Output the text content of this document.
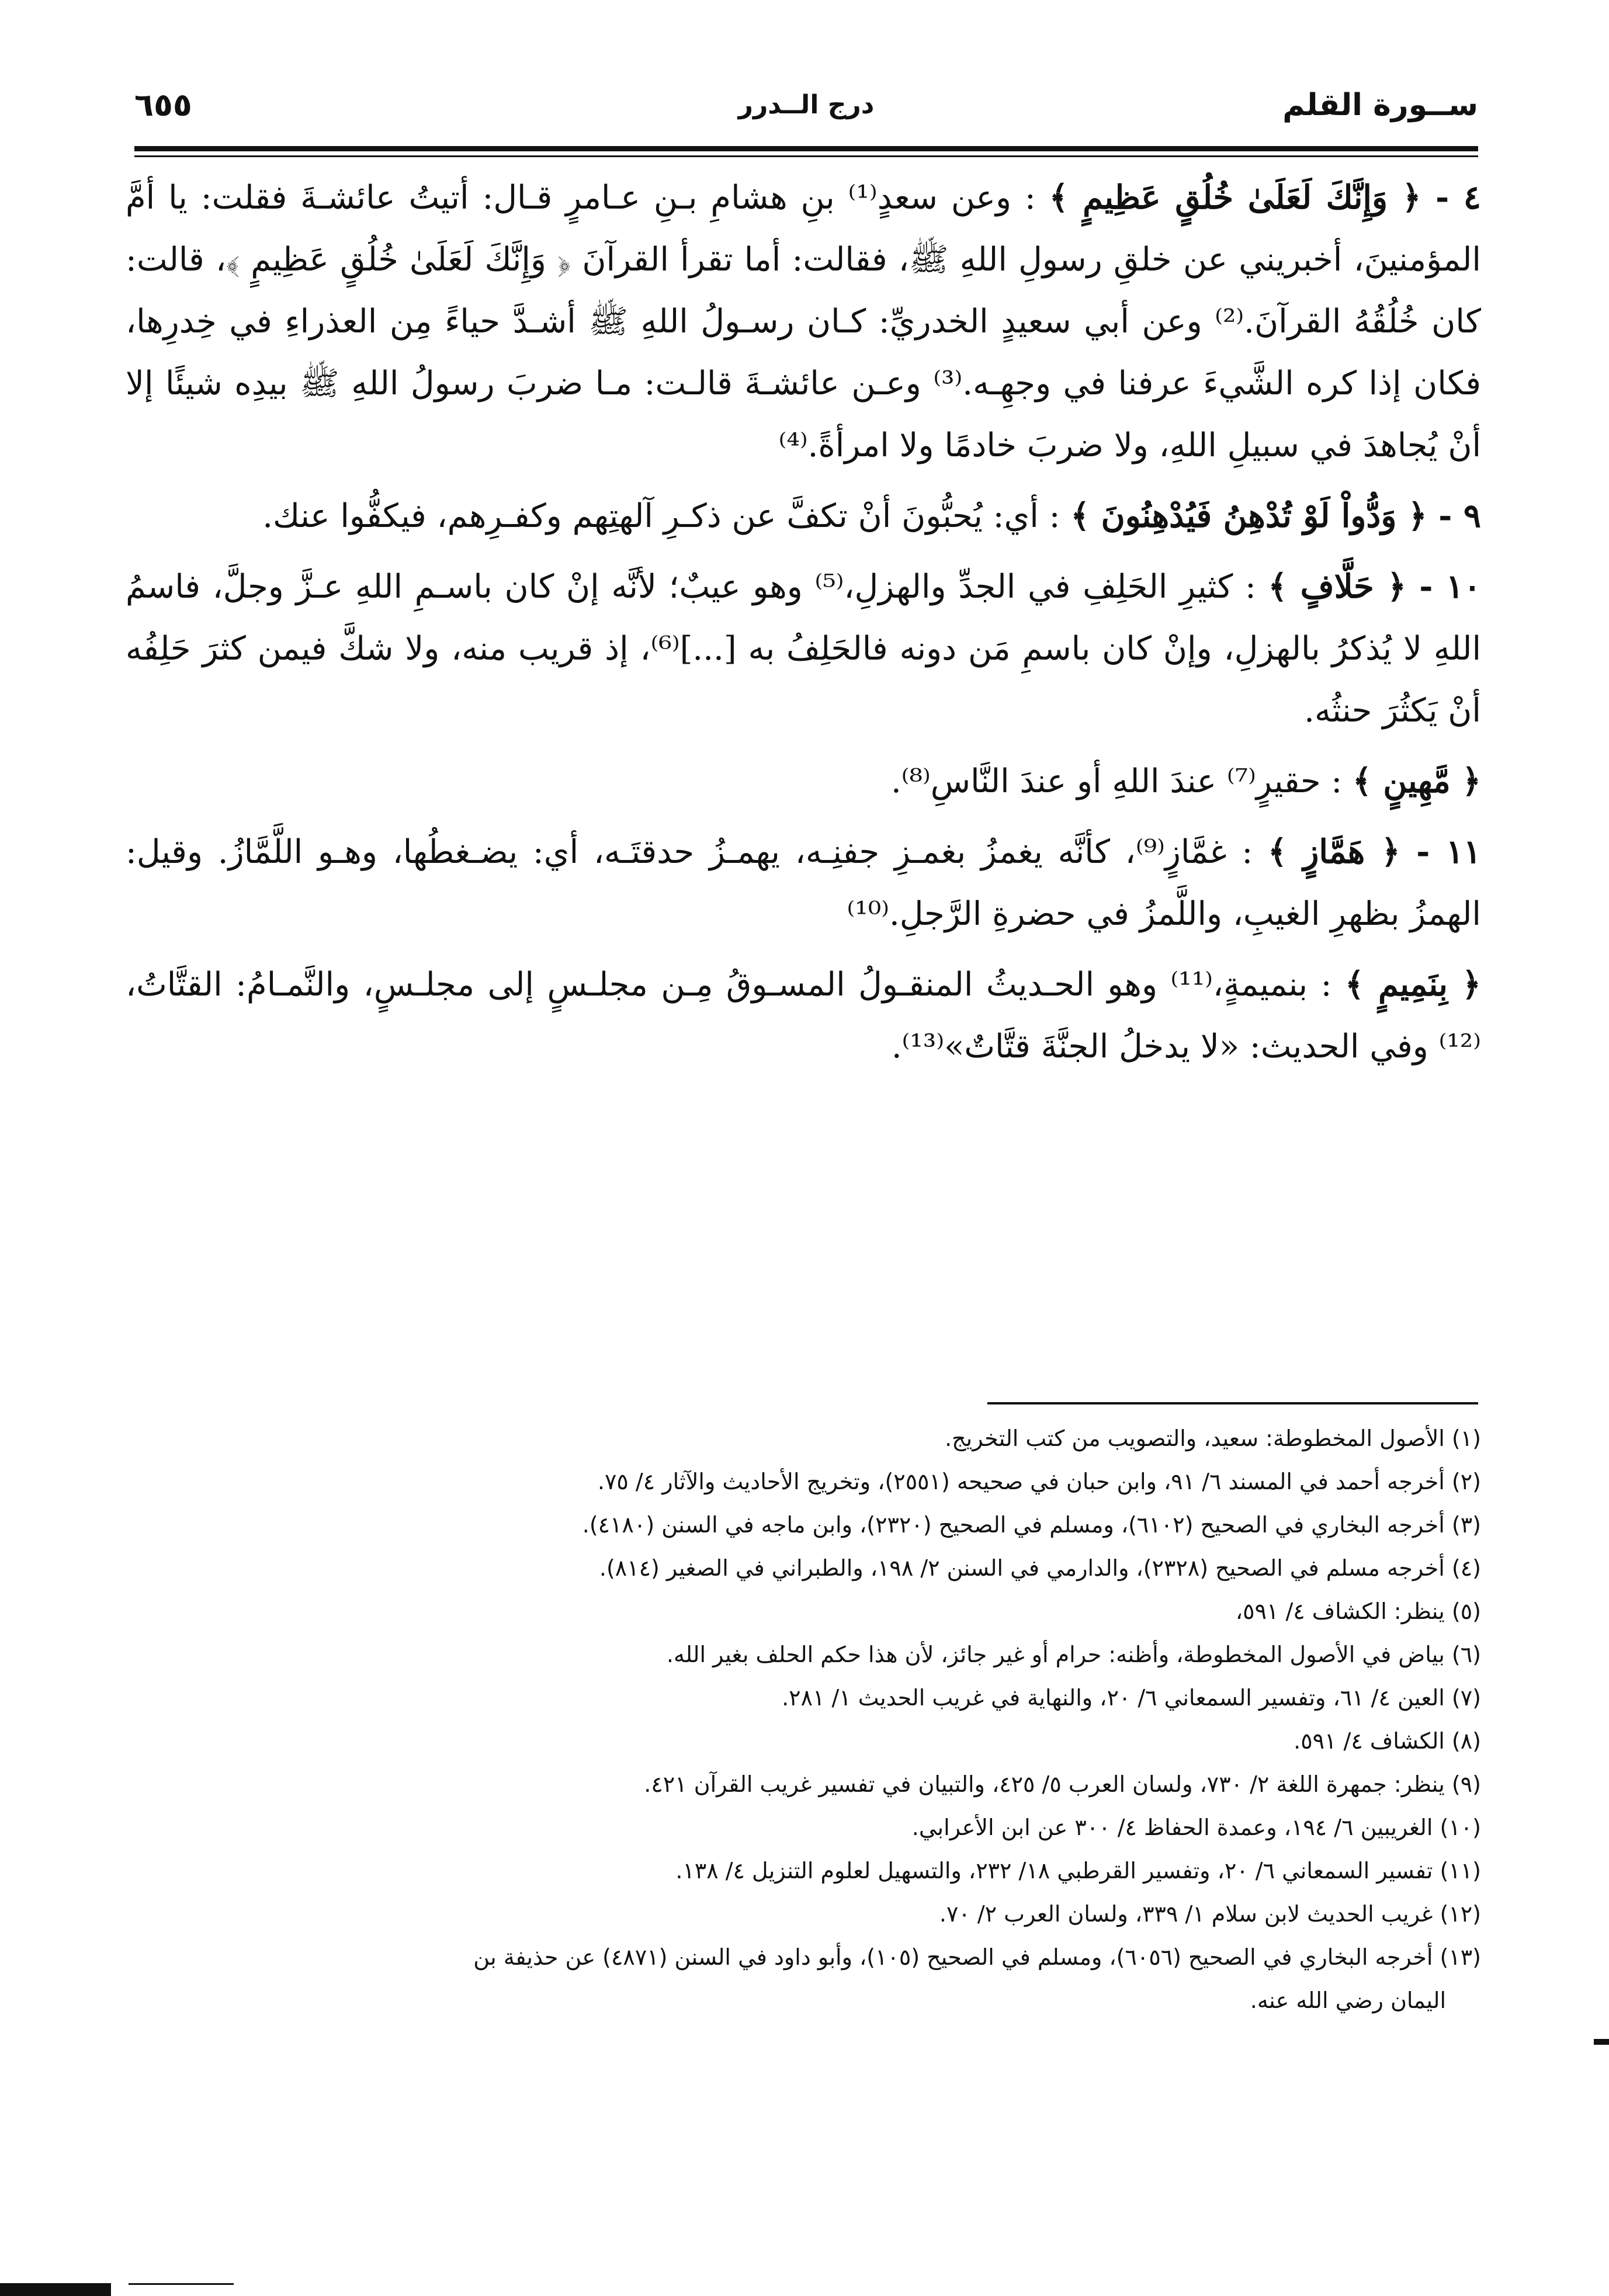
ســورة القلم
درج الــدرر
٦٥٥

٤ - ﴿ وَإِنَّكَ لَعَلَىٰ خُلُقٍ عَظِيمٍ ﴾ : وعن سعدٍ⁽¹⁾ بنِ هشامِ بـنِ عـامرٍ قـال: أتيتُ عائشـةَ فقلت: يا أمَّ المؤمنينَ، أخبريني عن خلقِ رسولِ اللهِ ﷺ، فقالت: أما تقرأ القرآنَ ﴿ وَإِنَّكَ لَعَلَىٰ خُلُقٍ عَظِيمٍ ﴾، قالت: كان خُلُقُهُ القرآنَ.⁽²⁾ وعن أبي سعيدٍ الخدريِّ: كـان رسـولُ اللهِ ﷺ أشـدَّ حياءً مِن العذراءِ في خِدرِها، فكان إذا كره الشَّيءَ عرفنا في وجهِـه.⁽³⁾ وعـن عائشـةَ قالـت: مـا ضربَ رسولُ اللهِ ﷺ بيدِه شيئًا إلا أنْ يُجاهدَ في سبيلِ اللهِ، ولا ضربَ خادمًا ولا امرأةً.⁽⁴⁾

٩ - ﴿ وَدُّواْ لَوْ تُدْهِنُ فَيُدْهِنُونَ ﴾ : أي: يُحبُّونَ أنْ تكفَّ عن ذكـرِ آلهتِهم وكفـرِهم، فيكفُّوا عنك.

١٠ - ﴿ حَلَّافٍ ﴾ : كثيرِ الحَلِفِ في الجدِّ والهزلِ،⁽⁵⁾ وهو عيبٌ؛ لأنَّه إنْ كان باسـمِ اللهِ عـزَّ وجلَّ، فاسمُ اللهِ لا يُذكرُ بالهزلِ، وإنْ كان باسمِ مَن دونه فالحَلِفُ به [...]⁽⁶⁾، إذ قريب منه، ولا شكَّ فيمن كثرَ حَلِفُه أنْ يَكثُرَ حنثُه.

﴿ مَّهِينٍ ﴾ : حقيرٍ⁽⁷⁾ عندَ اللهِ أو عندَ النَّاسِ⁽⁸⁾.

١١ - ﴿ هَمَّازٍ ﴾ : غمَّازٍ⁽⁹⁾، كأنَّه يغمزُ بغمـزِ جفنِـه، يهمـزُ حدقتَـه، أي: يضـغطُها، وهـو اللَّمَّازُ. وقيل: الهمزُ بظهرِ الغيبِ، واللَّمزُ في حضرةِ الرَّجلِ.⁽¹⁰⁾

﴿ بِنَمِيمٍ ﴾ : بنميمةٍ،⁽¹¹⁾ وهو الحـديثُ المنقـولُ المسـوقُ مِـن مجلـسٍ إلى مجلـسٍ، والنَّمـامُ: القتَّاتُ،⁽¹²⁾ وفي الحديث: «لا يدخلُ الجنَّةَ قتَّاتٌ»⁽¹³⁾.

(١) الأصول المخطوطة: سعيد، والتصويب من كتب التخريج.

(٢) أخرجه أحمد في المسند ٦/ ٩١، وابن حبان في صحيحه (٢٥٥١)، وتخريج الأحاديث والآثار ٤/ ٧٥.

(٣) أخرجه البخاري في الصحيح (٦١٠٢)، ومسلم في الصحيح (٢٣٢٠)، وابن ماجه في السنن (٤١٨٠).

(٤) أخرجه مسلم في الصحيح (٢٣٢٨)، والدارمي في السنن ٢/ ١٩٨، والطبراني في الصغير (٨١٤).

(٥) ينظر: الكشاف ٤/ ٥٩١،

(٦) بياض في الأصول المخطوطة، وأظنه: حرام أو غير جائز، لأن هذا حكم الحلف بغير الله.

(٧) العين ٤/ ٦١، وتفسير السمعاني ٦/ ٢٠، والنهاية في غريب الحديث ١/ ٢٨١.

(٨) الكشاف ٤/ ٥٩١.

(٩) ينظر: جمهرة اللغة ٢/ ٧٣٠، ولسان العرب ٥/ ٤٢٥، والتبيان في تفسير غريب القرآن ٤٢١.

(١٠) الغريبين ٦/ ١٩٤، وعمدة الحفاظ ٤/ ٣٠٠ عن ابن الأعرابي.

(١١) تفسير السمعاني ٦/ ٢٠، وتفسير القرطبي ١٨/ ٢٣٢، والتسهيل لعلوم التنزيل ٤/ ١٣٨.

(١٢) غريب الحديث لابن سلام ١/ ٣٣٩، ولسان العرب ٢/ ٧٠.

(١٣) أخرجه البخاري في الصحيح (٦٠٥٦)، ومسلم في الصحيح (١٠٥)، وأبو داود في السنن (٤٨٧١) عن حذيفة بن

اليمان رضي الله عنه.
